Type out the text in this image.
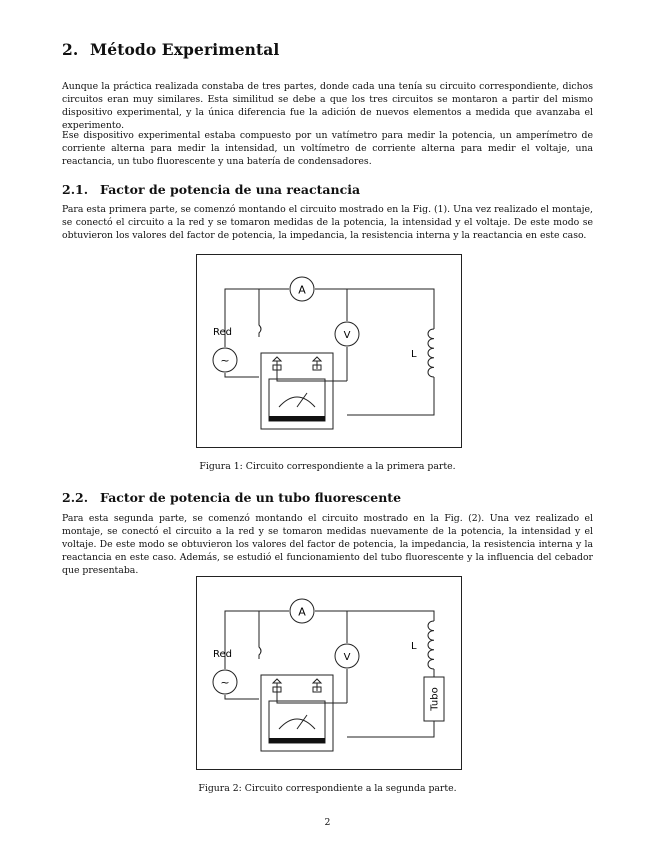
2. Método Experimental

Aunque la práctica realizada constaba de tres partes, donde cada una tenía su circuito correspondiente, dichos circuitos eran muy similares. Esta similitud se debe a que los tres circuitos se montaron a partir del mismo dispositivo experimental, y la única diferencia fue la adición de nuevos elementos a medida que avanzaba el experimento.

Ese dispositivo experimental estaba compuesto por un vatímetro para medir la potencia, un amperímetro de corriente alterna para medir la intensidad, un voltímetro de corriente alterna para medir el voltaje, una reactancia, un tubo fluorescente y una batería de condensadores.

2.1. Factor de potencia de una reactancia

Para esta primera parte, se comenzó montando el circuito mostrado en la Fig. (1). Una vez realizado el montaje, se conectó el circuito a la red y se tomaron medidas de la potencia, la intensidad y el voltaje. De este modo se obtuvieron los valores del factor de potencia, la impedancia, la resistencia interna y la reactancia en este caso.

A
V
~
Red
L

Figura 1: Circuito correspondiente a la primera parte.

2.2. Factor de potencia de un tubo fluorescente

Para esta segunda parte, se comenzó montando el circuito mostrado en la Fig. (2). Una vez realizado el montaje, se conectó el circuito a la red y se tomaron medidas nuevamente de la potencia, la intensidad y el voltaje. De este modo se obtuvieron los valores del factor de potencia, la impedancia, la resistencia interna y la reactancia en este caso. Además, se estudió el funcionamiento del tubo fluorescente y la influencia del cebador que presentaba.

A
V
~
Red
L
Tubo

Figura 2: Circuito correspondiente a la segunda parte.

2
